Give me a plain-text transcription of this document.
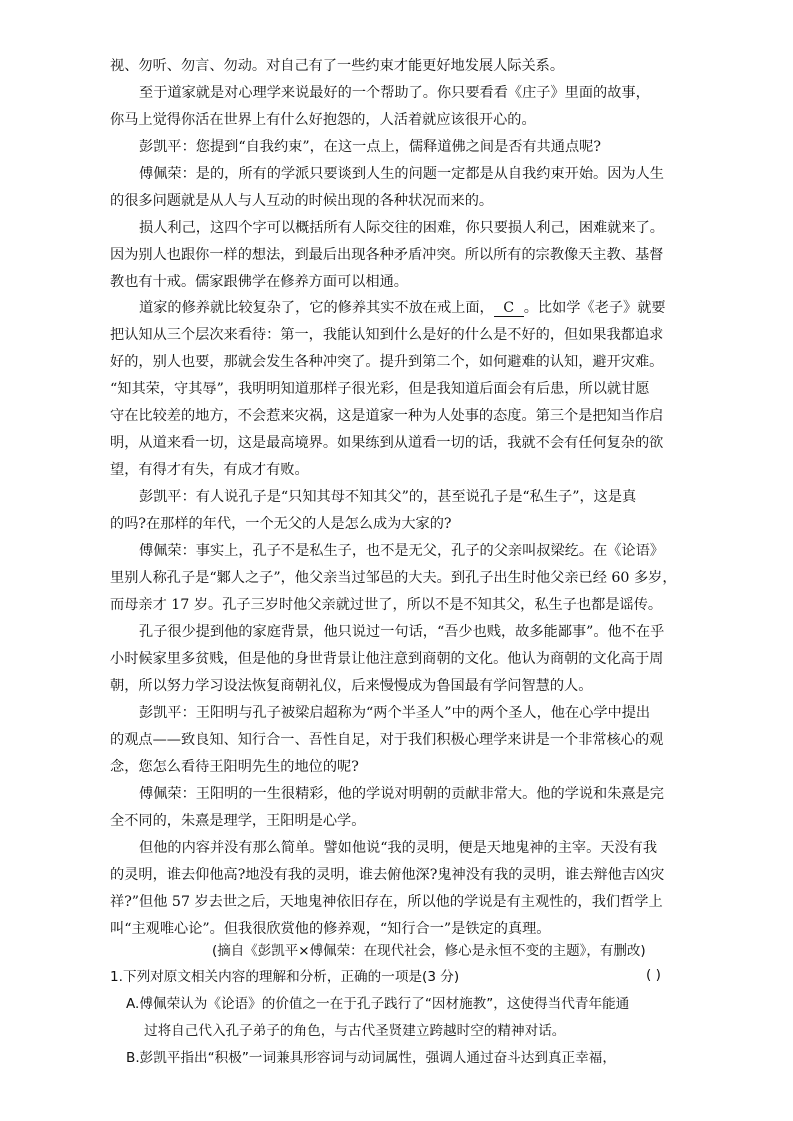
视、勿听、勿言、勿动。对自己有了一些约束才能更好地发展人际关系。
至于道家就是对心理学来说最好的一个帮助了。你只要看看《庄子》里面的故事，
你马上觉得你活在世界上有什么好抱怨的，人活着就应该很开心的。
彭凯平：您提到“自我约束”，在这一点上，儒释道佛之间是否有共通点呢?
傅佩荣：是的，所有的学派只要谈到人生的问题一定都是从自我约束开始。因为人生
的很多问题就是从人与人互动的时候出现的各种状况而来的。
损人利己，这四个字可以概括所有人际交往的困难，你只要损人利己，困难就来了。
因为别人也跟你一样的想法，到最后出现各种矛盾冲突。所以所有的宗教像天主教、基督
教也有十戒。儒家跟佛学在修养方面可以相通。
道家的修养就比较复杂了，它的修养其实不放在戒上面， C 。比如学《老子》就要
把认知从三个层次来看待：第一，我能认知到什么是好的什么是不好的，但如果我都追求
好的，别人也要，那就会发生各种冲突了。提升到第二个，如何避难的认知，避开灾难。
“知其荣，守其辱”，我明明知道那样子很光彩，但是我知道后面会有后患，所以就甘愿
守在比较差的地方，不会惹来灾祸，这是道家一种为人处事的态度。第三个是把知当作启
明，从道来看一切，这是最高境界。如果练到从道看一切的话，我就不会有任何复杂的欲
望，有得才有失，有成才有败。
彭凯平：有人说孔子是“只知其母不知其父”的，甚至说孔子是“私生子”，这是真
的吗?在那样的年代，一个无父的人是怎么成为大家的?
傅佩荣：事实上，孔子不是私生子，也不是无父，孔子的父亲叫叔梁纥。在《论语》
里别人称孔子是“鄹人之子”，他父亲当过邹邑的大夫。到孔子出生时他父亲已经 60 多岁，
而母亲才 17 岁。孔子三岁时他父亲就过世了，所以不是不知其父，私生子也都是谣传。
孔子很少提到他的家庭背景，他只说过一句话，“吾少也贱，故多能鄙事”。他不在乎
小时候家里多贫贱，但是他的身世背景让他注意到商朝的文化。他认为商朝的文化高于周
朝，所以努力学习设法恢复商朝礼仪，后来慢慢成为鲁国最有学问智慧的人。
彭凯平：王阳明与孔子被梁启超称为“两个半圣人”中的两个圣人，他在心学中提出
的观点——致良知、知行合一、吾性自足，对于我们积极心理学来讲是一个非常核心的观
念，您怎么看待王阳明先生的地位的呢?
傅佩荣：王阳明的一生很精彩，他的学说对明朝的贡献非常大。他的学说和朱熹是完
全不同的，朱熹是理学，王阳明是心学。
但他的内容并没有那么简单。譬如他说“我的灵明，便是天地鬼神的主宰。天没有我
的灵明，谁去仰他高?地没有我的灵明，谁去俯他深?鬼神没有我的灵明，谁去辩他吉凶灾
祥?”但他 57 岁去世之后，天地鬼神依旧存在，所以他的学说是有主观性的，我们哲学上
叫“主观唯心论”。但我很欣赏他的修养观，“知行合一”是铁定的真理。
(摘自《彭凯平×傅佩荣：在现代社会，修心是永恒不变的主题》，有删改)
1.下列对原文相关内容的理解和分析，正确的一项是(3 分)	( )
A.傅佩荣认为《论语》的价值之一在于孔子践行了“因材施教”，这使得当代青年能通
过将自己代入孔子弟子的角色，与古代圣贤建立跨越时空的精神对话。
B.彭凯平指出“积极”一词兼具形容词与动词属性，强调人通过奋斗达到真正幸福，
